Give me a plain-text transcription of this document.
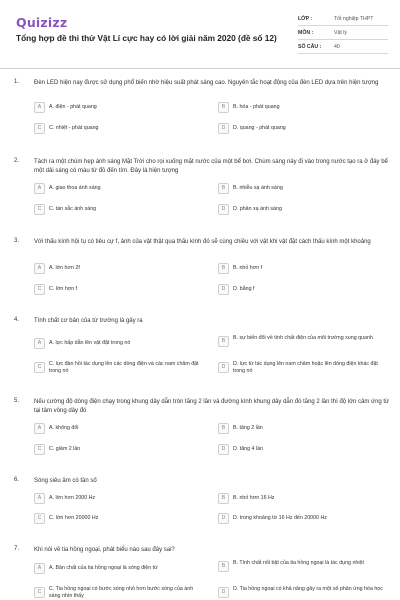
Quizizz
Tổng hợp đề thi thử Vật Lí cực hay có lời giải năm 2020 (đề số 12)
LỚP :	Tốt nghiệp THPT
MÔN :	Vật lý
SỐ CÂU :	40
1. Đèn LED hiện nay được sử dụng phổ biến nhờ hiệu suất phát sáng cao. Nguyên tắc hoạt động của đèn LED dựa trên hiện tượng
A	A. điện - phát quang	B	B. hóa - phát quang
C	C. nhiệt - phát quang	D	D. quang - phát quang
2. Tách ra một chùm hẹp ánh sáng Mặt Trời cho rọi xuống mặt nước của một bể bơi. Chùm sáng này đi vào trong nước tạo ra ở đáy bể một dải sáng có màu từ đỏ đến tím. Đây là hiện tượng
A	A. giao thoa ánh sáng	B	B. nhiễu xạ ánh sáng
C	C. tán sắc ánh sáng	D	D. phản xạ ánh sáng
3. Với thấu kính hội tụ có tiêu cự f, ảnh của vật thật qua thấu kính đó sẽ cùng chiều với vật khi vật đặt cách thấu kính một khoảng
A	A. lớn hơn 2f	B	B. nhỏ hơn f
C	C. lớn hơn f	D	D. bằng f
4. Tính chất cơ bản của từ trường là gây ra
A	A. lực hấp dẫn lên vật đặt trong nó	B	B. sự biến đổi về tính chất điện của môi trường xung quanh
C	C. lực đàn hồi tác dụng lên các dòng điện và các nam châm đặt trong nó
D	D. lực từ tác dụng lên nam châm hoặc lên dòng điện khác đặt trong nó
5. Nếu cường độ dòng điện chạy trong khung dây dẫn tròn tăng 2 lần và đường kính khung dây dẫn đó tăng 2 lần thì độ lớn cảm ứng từ tại tâm vòng dây đó
A	A. không đổi	B	B. tăng 2 lần
C	C. giảm 2 lần	D	D. tăng 4 lần
6. Sóng siêu âm có tần số
A	A. lớn hơn 2000 Hz	B	B. nhỏ hơn 16 Hz
C	C. lớn hơn 20000 Hz	D	D. trong khoảng từ 16 Hz đến 20000 Hz
7. Khi nói về tia hồng ngoại, phát biểu nào sau đây sai?
A	A. Bản chất của tia hồng ngoại là sóng điện từ	B	B. Tính chất nổi bật của tia hồng ngoại là tác dụng nhiệt
C	C. Tia hồng ngoại có bước sóng nhỏ hơn bước sóng của ánh sáng nhìn thấy
D	D. Tia hồng ngoại có khả năng gây ra một số phản ứng hóa học
